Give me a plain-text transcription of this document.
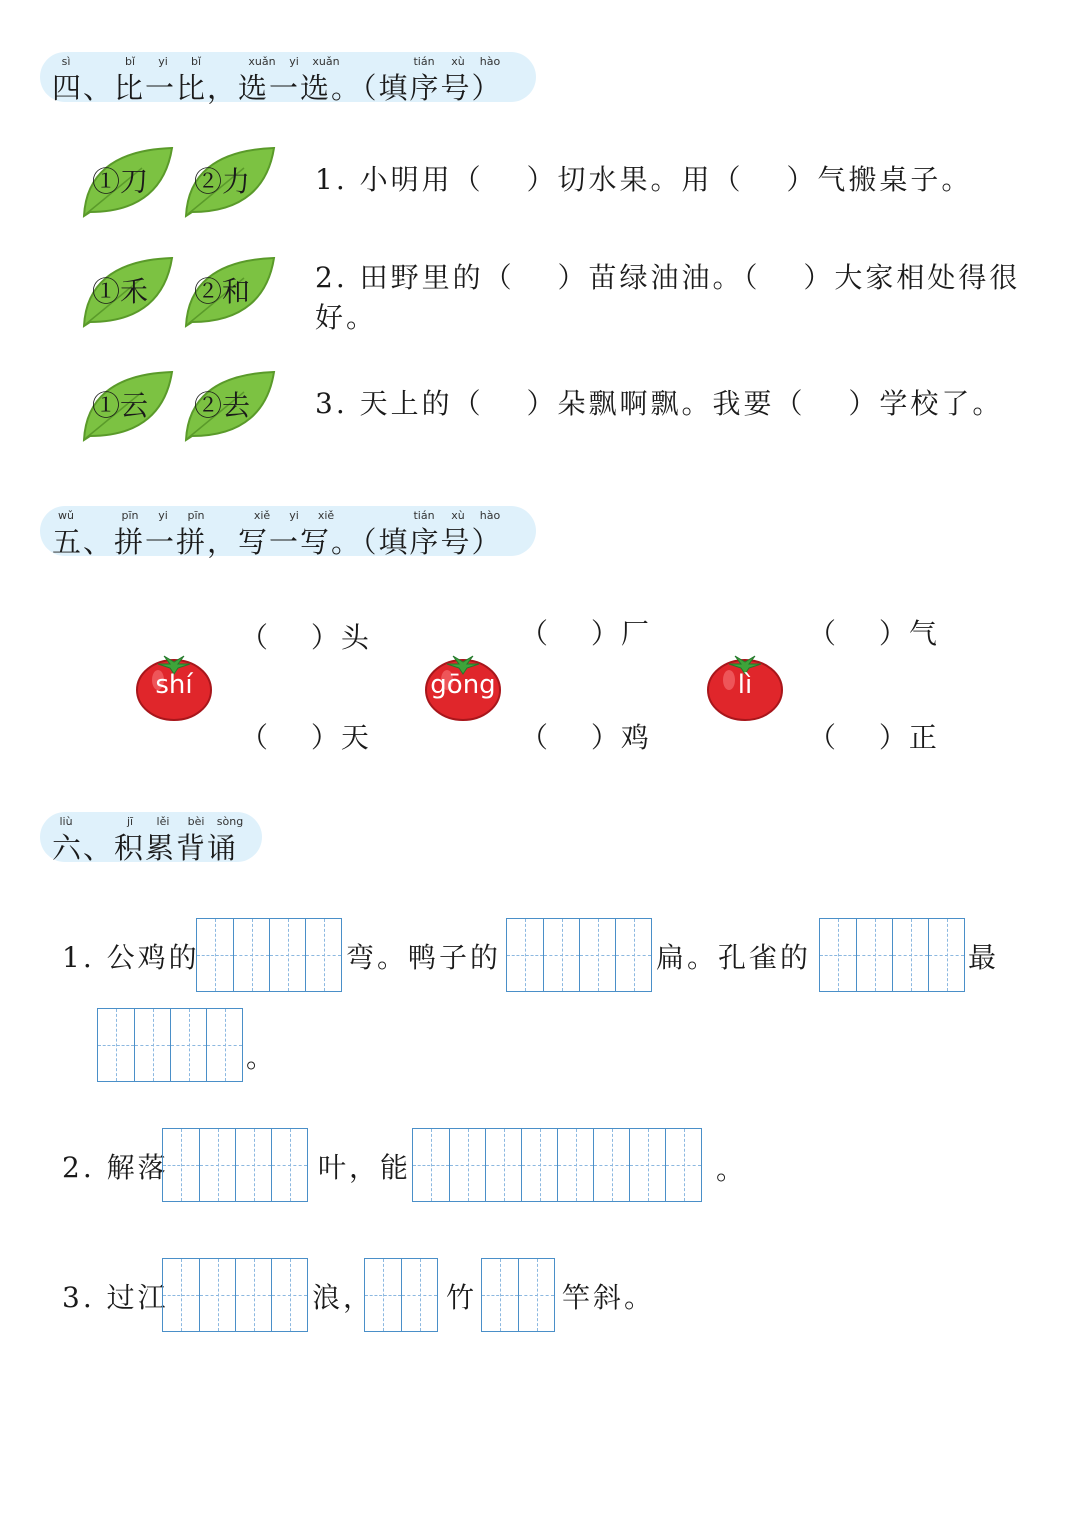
sì	bǐ yi bǐ	xuǎn yi xuǎn	tián xù hào
四、比一比，选一选。（填序号）
①刀 ②力 1. 小明用（　 ）切水果。用（　 ）气搬桌子。
①禾 ②和 2. 田野里的（　 ）苗绿油油。（　 ）大家相处得很好。
①云 ②去 3. 天上的（　 ）朵飘啊飘。我要（　 ）学校了。
wǔ	pīn yi pīn	xiě yi xiě	tián xù hào
五、拼一拼，写一写。（填序号）
shí
（　 ）头
（　 ）天
gōng
（　 ）厂
（　 ）鸡
lì
（　 ）气
（　 ）正
liù	jī lěi bèi sòng
六、积累背诵
1. 公鸡的	弯。鸭子的	扁。孔雀的	最
。
2. 解落	叶，能	。
3. 过江	浪，	竹	竿斜。
